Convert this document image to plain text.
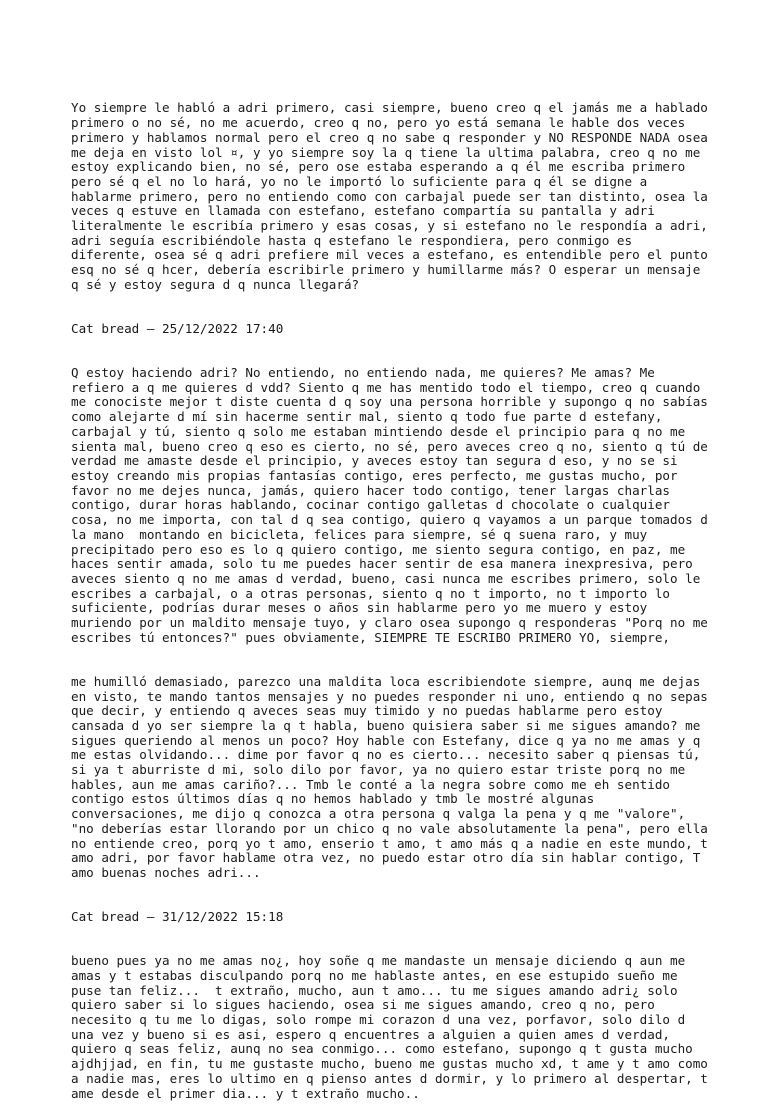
Yo siempre le habló a adri primero, casi siempre, bueno creo q el jamás me a hablado primero o no sé, no me acuerdo, creo q no, pero yo está semana le hable dos veces primero y hablamos normal pero el creo q no sabe q responder y NO RESPONDE NADA osea me deja en visto lol ¤, y yo siempre soy la q tiene la ultima palabra, creo q no me estoy explicando bien, no sé, pero ose estaba esperando a q él me escriba primero pero sé q el no lo hará, yo no le importó lo suficiente para q él se digne a hablarme primero, pero no entiendo como con carbajal puede ser tan distinto, osea la veces q estuve en llamada con estefano, estefano compartía su pantalla y adri literalmente le escribía primero y esas cosas, y si estefano no le respondía a adri, adri seguía escribiéndole hasta q estefano le respondiera, pero conmigo es diferente, osea sé q adri prefiere mil veces a estefano, es entendible pero el punto esq no sé q hcer, debería escribirle primero y humillarme más? O esperar un mensaje q sé y estoy segura d q nunca llegará?

Cat bread — 25/12/2022 17:40

Q estoy haciendo adri? No entiendo, no entiendo nada, me quieres? Me amas? Me refiero a q me quieres d vdd? Siento q me has mentido todo el tiempo, creo q cuando me conociste mejor t diste cuenta d q soy una persona horrible y supongo q no sabías como alejarte d mí sin hacerme sentir mal, siento q todo fue parte d estefany, carbajal y tú, siento q solo me estaban mintiendo desde el principio para q no me sienta mal, bueno creo q eso es cierto, no sé, pero aveces creo q no, siento q tú de verdad me amaste desde el principio, y aveces estoy tan segura d eso, y no se si estoy creando mis propias fantasías contigo, eres perfecto, me gustas mucho, por favor no me dejes nunca, jamás, quiero hacer todo contigo, tener largas charlas contigo, durar horas hablando, cocinar contigo galletas d chocolate o cualquier cosa, no me importa, con tal d q sea contigo, quiero q vayamos a un parque tomados d la mano  montando en bicicleta, felices para siempre, sé q suena raro, y muy precipitado pero eso es lo q quiero contigo, me siento segura contigo, en paz, me haces sentir amada, solo tu me puedes hacer sentir de esa manera inexpresiva, pero aveces siento q no me amas d verdad, bueno, casi nunca me escribes primero, solo le escribes a carbajal, o a otras personas, siento q no t importo, no t importo lo suficiente, podrías durar meses o años sin hablarme pero yo me muero y estoy muriendo por un maldito mensaje tuyo, y claro osea supongo q responderas "Porq no me escribes tú entonces?" pues obviamente, SIEMPRE TE ESCRIBO PRIMERO YO, siempre,

me humilló demasiado, parezco una maldita loca escribiendote siempre, aunq me dejas en visto, te mando tantos mensajes y no puedes responder ni uno, entiendo q no sepas que decir, y entiendo q aveces seas muy timido y no puedas hablarme pero estoy cansada d yo ser siempre la q t habla, bueno quisiera saber si me sigues amando? me sigues queriendo al menos un poco? Hoy hable con Estefany, dice q ya no me amas y q me estas olvidando... dime por favor q no es cierto... necesito saber q piensas tú, si ya t aburriste d mi, solo dilo por favor, ya no quiero estar triste porq no me hables, aun me amas cariño?... Tmb le conté a la negra sobre como me eh sentido contigo estos últimos días q no hemos hablado y tmb le mostré algunas conversaciones, me dijo q conozca a otra persona q valga la pena y q me "valore", "no deberías estar llorando por un chico q no vale absolutamente la pena", pero ella no entiende creo, porq yo t amo, enserio t amo, t amo más q a nadie en este mundo, t amo adri, por favor hablame otra vez, no puedo estar otro día sin hablar contigo, T amo buenas noches adri...

Cat bread — 31/12/2022 15:18

bueno pues ya no me amas no¿, hoy soñe q me mandaste un mensaje diciendo q aun me amas y t estabas disculpando porq no me hablaste antes, en ese estupido sueño me puse tan feliz...  t extraño, mucho, aun t amo... tu me sigues amando adri¿ solo quiero saber si lo sigues haciendo, osea si me sigues amando, creo q no, pero necesito q tu me lo digas, solo rompe mi corazon d una vez, porfavor, solo dilo d una vez y bueno si es asi, espero q encuentres a alguien a quien ames d verdad, quiero q seas feliz, aunq no sea conmigo... como estefano, supongo q t gusta mucho ajdhjjad, en fin, tu me gustaste mucho, bueno me gustas mucho xd, t ame y t amo como a nadie mas, eres lo ultimo en q pienso antes d dormir, y lo primero al despertar, t ame desde el primer dia... y t extraño mucho..
